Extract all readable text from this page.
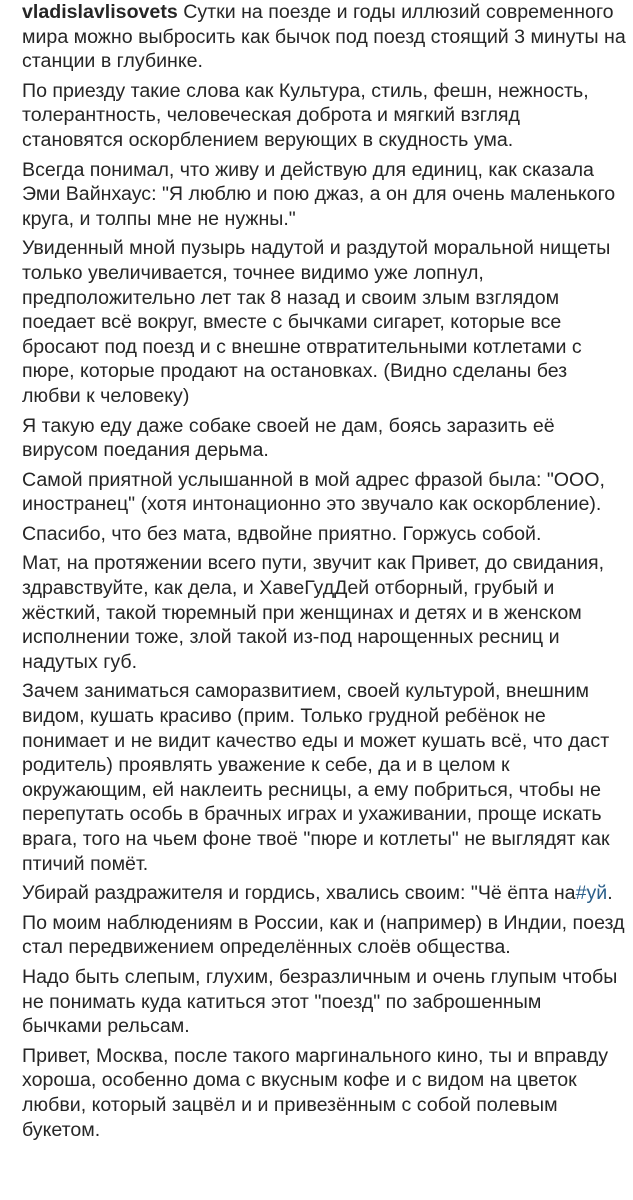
vladislavlisovets Сутки на поезде и годы иллюзий современного мира можно выбросить как бычок под поезд стоящий 3 минуты на станции в глубинке.

По приезду такие слова как Культура, стиль, фешн, нежность, толерантность, человеческая доброта и мягкий взгляд становятся оскорблением верующих в скудность ума.

Всегда понимал, что живу и действую для единиц, как сказала Эми Вайнхаус: "Я люблю и пою джаз, а он для очень маленького круга, и толпы мне не нужны."

Увиденный мной пузырь надутой и раздутой моральной нищеты только увеличивается, точнее видимо уже лопнул, предположительно лет так 8 назад и своим злым взглядом поедает всё вокруг, вместе с бычками сигарет, которые все бросают под поезд и с внешне отвратительными котлетами с пюре, которые продают на остановках. (Видно сделаны без любви к человеку)

Я такую еду даже собаке своей не дам, боясь заразить её вирусом поедания дерьма.

Самой приятной услышанной в мой адрес фразой была: "ООО, иностранец" (хотя интонационно это звучало как оскорбление).

Спасибо, что без мата, вдвойне приятно. Горжусь собой.

Мат, на протяжении всего пути, звучит как Привет, до свидания, здравствуйте, как дела, и ХавеГудДей отборный, грубый и жёсткий, такой тюремный при женщинах и детях и в женском исполнении тоже, злой такой из-под нарощенных ресниц и надутых губ.

Зачем заниматься саморазвитием, своей культурой, внешним видом, кушать красиво (прим. Только грудной ребёнок не понимает и не видит качество еды и может кушать всё, что даст родитель) проявлять уважение к себе, да и в целом к окружающим, ей наклеить ресницы, а ему побриться, чтобы не перепутать особь в брачных играх и ухаживании, проще искать врага, того на чьем фоне твоё "пюре и котлеты" не выглядят как птичий помёт.

Убирай раздражителя и гордись, хвались своим: "Чё ёпта на#уй.

По моим наблюдениям в России, как и (например) в Индии, поезд стал передвижением определённых слоёв общества.

Надо быть слепым, глухим, безразличным и очень глупым чтобы не понимать куда катиться этот "поезд" по заброшенным бычками рельсам.

Привет, Москва, после такого маргинального кино, ты и вправду хороша, особенно дома с вкусным кофе и с видом на цветок любви, который зацвёл и и привезённым с собой полевым букетом.
